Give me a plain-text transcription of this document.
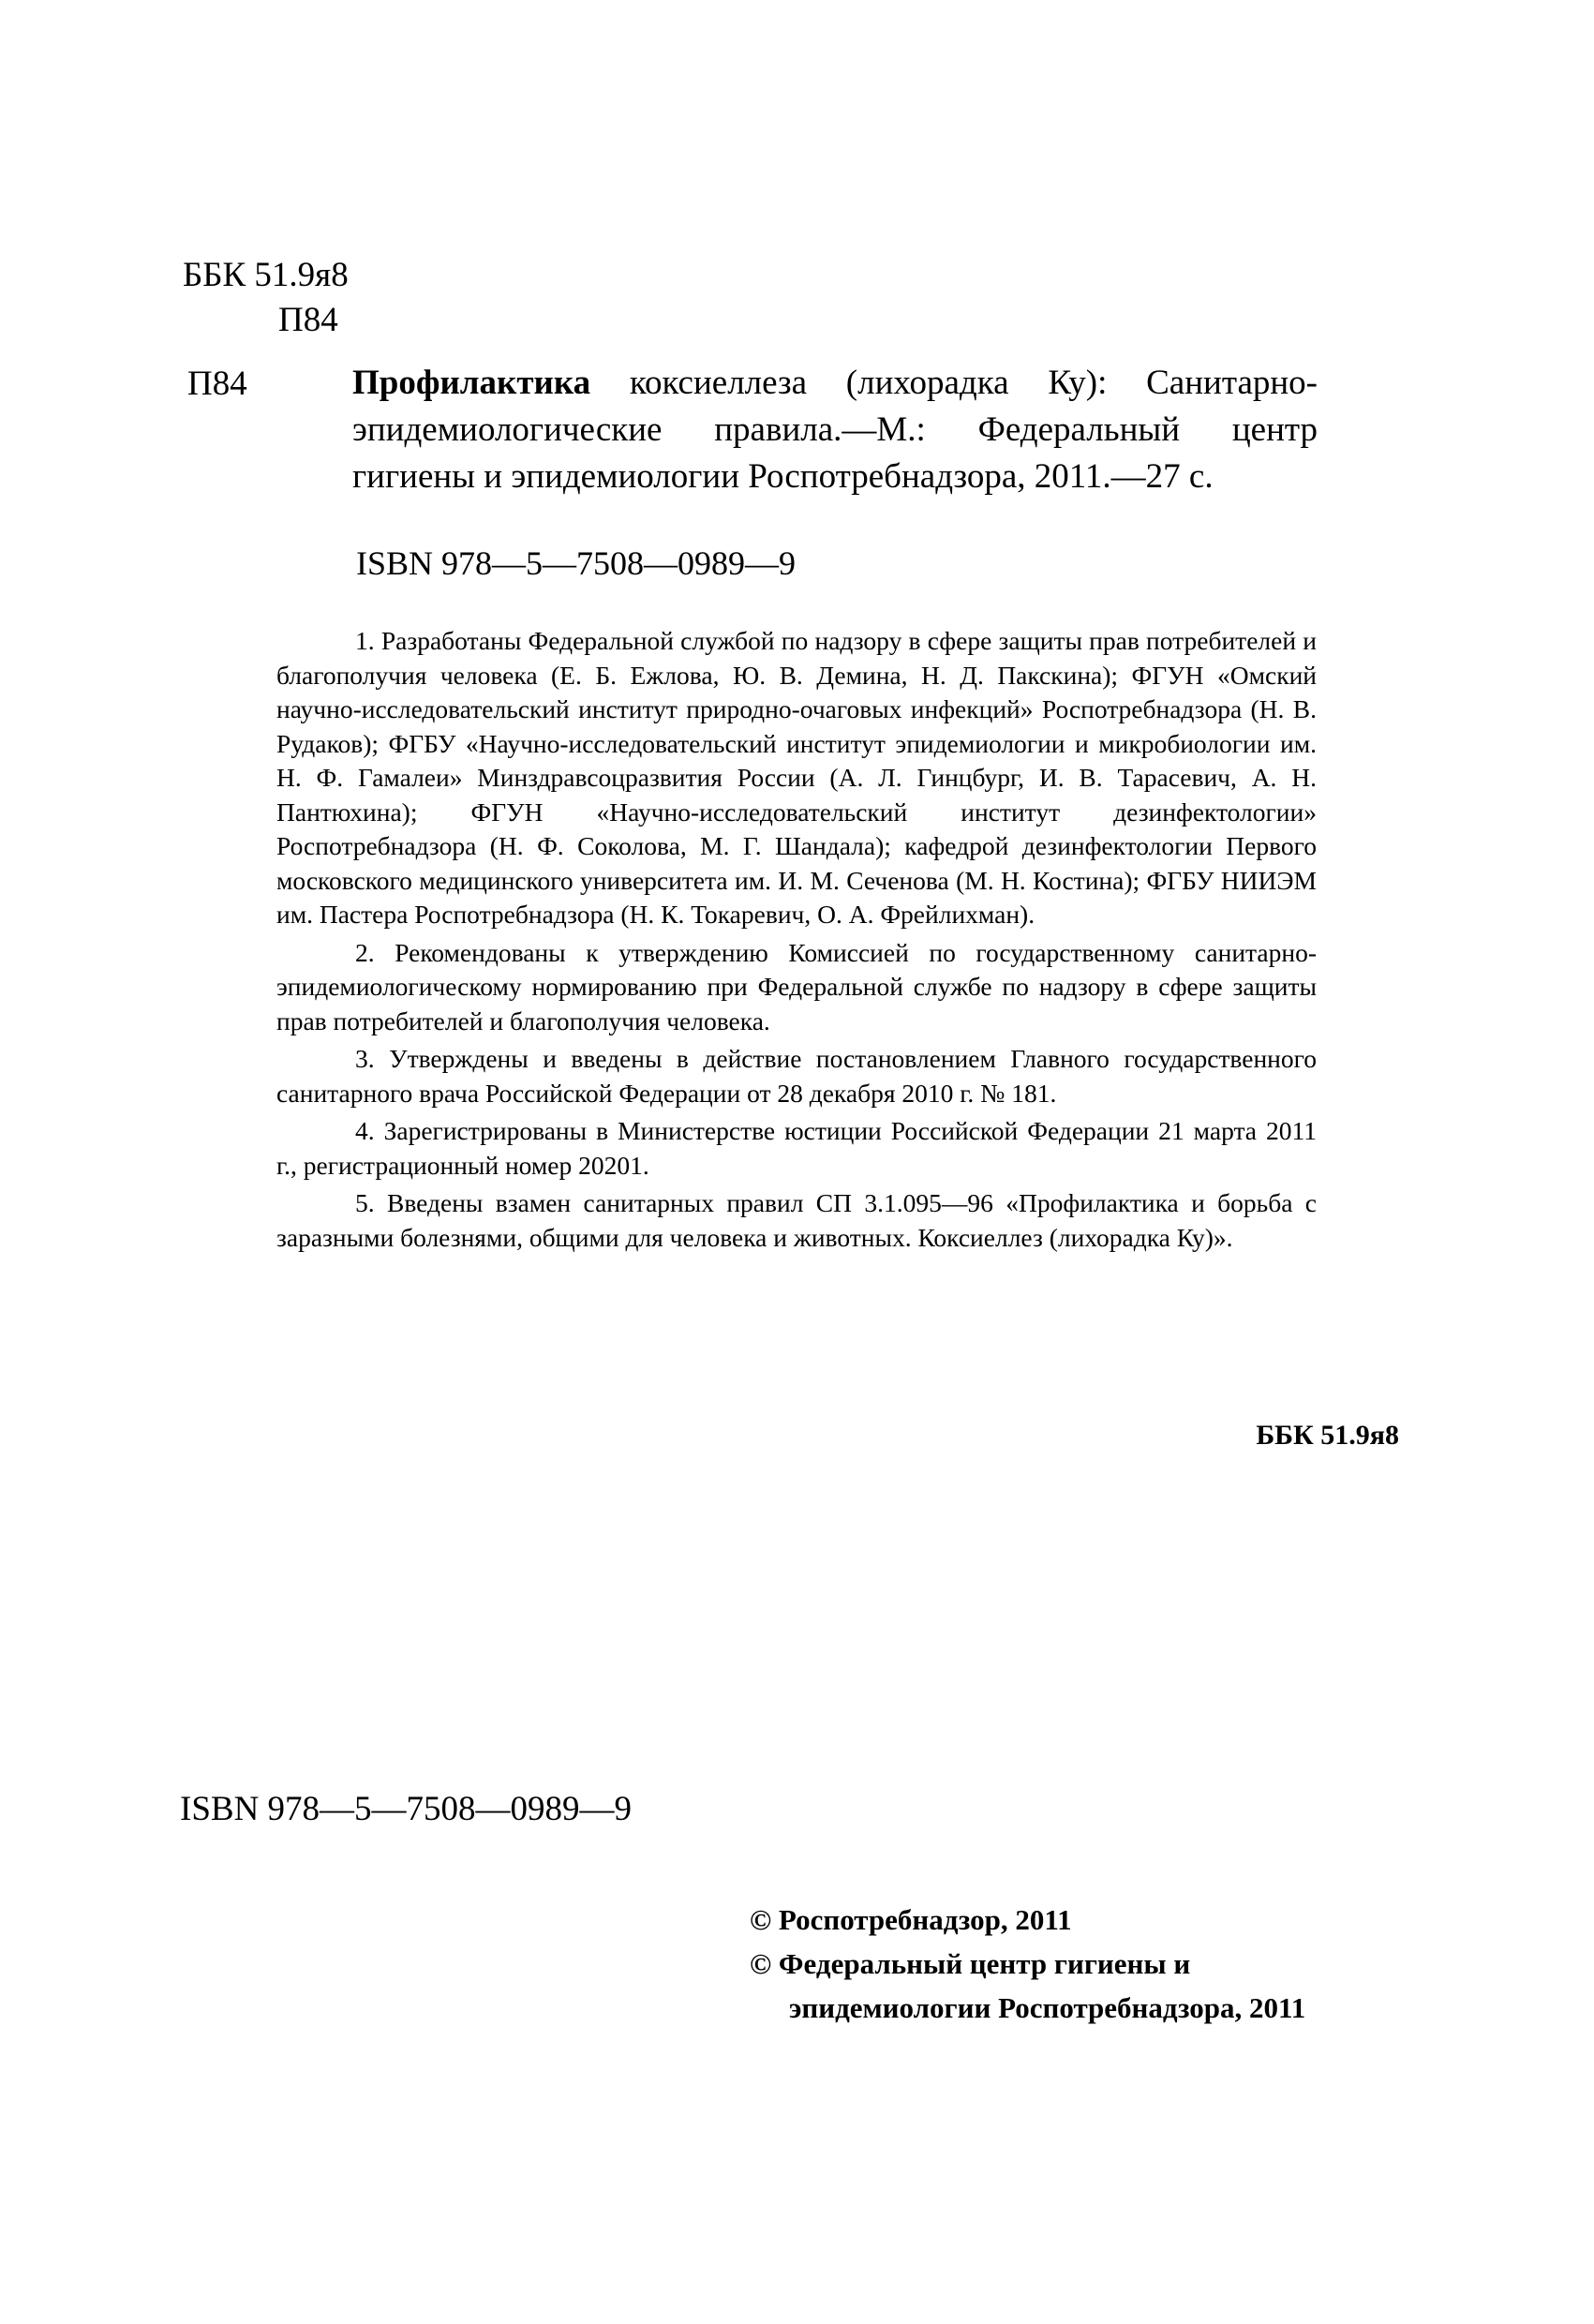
ББК 51.9я8
П84
П84	Профилактика коксиеллеза (лихорадка Ку): Санитарно-эпидемиологические правила.—М.: Федеральный центр гигиены и эпидемиологии Роспотребнадзора, 2011.—27 с.
ISBN 978—5—7508—0989—9

1. Разработаны Федеральной службой по надзору в сфере защиты прав потребителей и благополучия человека (Е. Б. Ежлова, Ю. В. Демина, Н. Д. Пакскина); ФГУН «Омский научно-исследовательский институт природно-очаговых инфекций» Роспотребнадзора (Н. В. Рудаков); ФГБУ «Научно-исследовательский институт эпидемиологии и микробиологии им. Н. Ф. Гамалеи» Минздравсоцразвития России (А. Л. Гинцбург, И. В. Тарасевич, А. Н. Пантюхина); ФГУН «Научно-исследовательский институт дезинфектологии» Роспотребнадзора (Н. Ф. Соколова, М. Г. Шандала); кафедрой дезинфектологии Первого московского медицинского университета им. И. М. Сеченова (М. Н. Костина); ФГБУ НИИЭМ им. Пастера Роспотребнадзора (Н. К. Токаревич, О. А. Фрейлихман).

2. Рекомендованы к утверждению Комиссией по государственному санитарно-эпидемиологическому нормированию при Федеральной службе по надзору в сфере защиты прав потребителей и благополучия человека.

3. Утверждены и введены в действие постановлением Главного государственного санитарного врача Российской Федерации от 28 декабря 2010 г. № 181.

4. Зарегистрированы в Министерстве юстиции Российской Федерации 21 марта 2011 г., регистрационный номер 20201.

5. Введены взамен санитарных правил СП 3.1.095—96 «Профилактика и борьба с заразными болезнями, общими для человека и животных. Коксиеллез (лихорадка Ку)».

ББК 51.9я8
ISBN 978—5—7508—0989—9
© Роспотребнадзор, 2011
© Федеральный центр гигиены и
эпидемиологии Роспотребнадзора, 2011
